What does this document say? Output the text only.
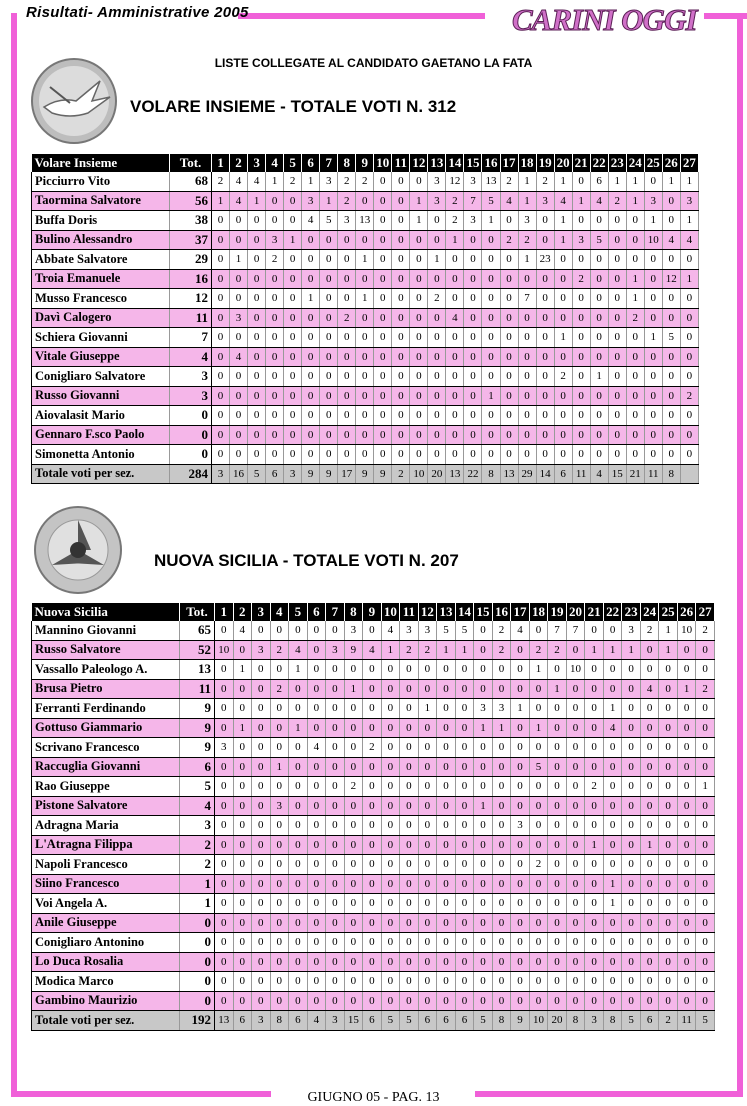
Risultati- Amministrative 2005	CARINI OGGI
LISTE COLLEGATE AL CANDIDATO GAETANO LA FATA
VOLARE INSIEME - TOTALE VOTI N. 312
Volare Insieme	Tot.	1	2	3	4	5	6	7	8	9	10	11	12	13	14	15	16	17	18	19	20	21	22	23	24	25	26	27
Picciurro Vito	68	2	4	4	1	2	1	3	2	2	0	0	0	3	12	3	13	2	1	2	1	0	6	1	1	0	1	1
Taormina Salvatore	56	1	4	1	0	0	3	1	2	0	0	0	1	3	2	7	5	4	1	3	4	1	4	2	1	3	0	3
Buffa Doris	38	0	0	0	0	0	4	5	3	13	0	0	1	0	2	3	1	0	3	0	1	0	0	0	0	1	0	1
Bulino Alessandro	37	0	0	0	3	1	0	0	0	0	0	0	0	0	1	0	0	2	2	0	1	3	5	0	0	10	4	4
Abbate Salvatore	29	0	1	0	2	0	0	0	0	1	0	0	0	1	0	0	0	0	1	23	0	0	0	0	0	0	0	0
Troia Emanuele	16	0	0	0	0	0	0	0	0	0	0	0	0	0	0	0	0	0	0	0	0	2	0	0	1	0	12	1
Musso Francesco	12	0	0	0	0	0	1	0	0	1	0	0	0	2	0	0	0	0	7	0	0	0	0	0	1	0	0	0
Davì Calogero	11	0	3	0	0	0	0	0	2	0	0	0	0	0	4	0	0	0	0	0	0	0	0	0	2	0	0	0
Schiera Giovanni	7	0	0	0	0	0	0	0	0	0	0	0	0	0	0	0	0	0	0	0	1	0	0	0	0	1	5	0
Vitale Giuseppe	4	0	4	0	0	0	0	0	0	0	0	0	0	0	0	0	0	0	0	0	0	0	0	0	0	0	0	0
Conigliaro Salvatore	3	0	0	0	0	0	0	0	0	0	0	0	0	0	0	0	0	0	0	0	2	0	1	0	0	0	0	0
Russo Giovanni	3	0	0	0	0	0	0	0	0	0	0	0	0	0	0	0	1	0	0	0	0	0	0	0	0	0	0	2
Aiovalasit Mario	0	0	0	0	0	0	0	0	0	0	0	0	0	0	0	0	0	0	0	0	0	0	0	0	0	0	0	0
Gennaro F.sco Paolo	0	0	0	0	0	0	0	0	0	0	0	0	0	0	0	0	0	0	0	0	0	0	0	0	0	0	0	0
Simonetta Antonio	0	0	0	0	0	0	0	0	0	0	0	0	0	0	0	0	0	0	0	0	0	0	0	0	0	0	0	0
Totale voti per sez.	284	3	16	5	6	3	9	9	17	9	9	2	10	20	13	22	8	13	29	14	6	11	4	15	21	11	8	
NUOVA SICILIA - TOTALE VOTI N. 207
Nuova Sicilia	Tot.	1	2	3	4	5	6	7	8	9	10	11	12	13	14	15	16	17	18	19	20	21	22	23	24	25	26	27
Mannino Giovanni	65	0	4	0	0	0	0	0	3	0	4	3	3	5	5	0	2	4	0	7	7	0	0	3	2	1	10	2
Russo Salvatore	52	10	0	3	2	4	0	3	9	4	1	2	2	1	1	0	2	0	2	2	0	1	1	1	0	1	0	0
Vassallo Paleologo A.	13	0	1	0	0	1	0	0	0	0	0	0	0	0	0	0	0	0	1	0	10	0	0	0	0	0	0	0
Brusa Pietro	11	0	0	0	2	0	0	0	1	0	0	0	0	0	0	0	0	0	0	1	0	0	0	0	4	0	1	2
Ferranti Ferdinando	9	0	0	0	0	0	0	0	0	0	0	0	1	0	0	3	3	1	0	0	0	0	1	0	0	0	0	0
Gottuso Giammario	9	0	1	0	0	1	0	0	0	0	0	0	0	0	0	1	1	0	1	0	0	0	4	0	0	0	0	0
Scrivano Francesco	9	3	0	0	0	0	4	0	0	2	0	0	0	0	0	0	0	0	0	0	0	0	0	0	0	0	0	0
Raccuglia Giovanni	6	0	0	0	1	0	0	0	0	0	0	0	0	0	0	0	0	0	5	0	0	0	0	0	0	0	0	0
Rao Giuseppe	5	0	0	0	0	0	0	0	2	0	0	0	0	0	0	0	0	0	0	0	0	2	0	0	0	0	0	1
Pistone Salvatore	4	0	0	0	3	0	0	0	0	0	0	0	0	0	0	1	0	0	0	0	0	0	0	0	0	0	0	0
Adragna Maria	3	0	0	0	0	0	0	0	0	0	0	0	0	0	0	0	0	3	0	0	0	0	0	0	0	0	0	0
L'Atragna Filippa	2	0	0	0	0	0	0	0	0	0	0	0	0	0	0	0	0	0	0	0	0	1	0	0	1	0	0	0
Napoli Francesco	2	0	0	0	0	0	0	0	0	0	0	0	0	0	0	0	0	0	2	0	0	0	0	0	0	0	0	0
Siino Francesco	1	0	0	0	0	0	0	0	0	0	0	0	0	0	0	0	0	0	0	0	0	0	1	0	0	0	0	0
Voi Angela A.	1	0	0	0	0	0	0	0	0	0	0	0	0	0	0	0	0	0	0	0	0	0	1	0	0	0	0	0
Anile Giuseppe	0	0	0	0	0	0	0	0	0	0	0	0	0	0	0	0	0	0	0	0	0	0	0	0	0	0	0	0
Conigliaro Antonino	0	0	0	0	0	0	0	0	0	0	0	0	0	0	0	0	0	0	0	0	0	0	0	0	0	0	0	0
Lo Duca Rosalia	0	0	0	0	0	0	0	0	0	0	0	0	0	0	0	0	0	0	0	0	0	0	0	0	0	0	0	0
Modica Marco	0	0	0	0	0	0	0	0	0	0	0	0	0	0	0	0	0	0	0	0	0	0	0	0	0	0	0	0
Gambino Maurizio	0	0	0	0	0	0	0	0	0	0	0	0	0	0	0	0	0	0	0	0	0	0	0	0	0	0	0	0
Totale voti per sez.	192	13	6	3	8	6	4	3	15	6	5	5	6	6	6	5	8	9	10	20	8	3	8	5	6	2	11	5
GIUGNO 05 - PAG. 13
